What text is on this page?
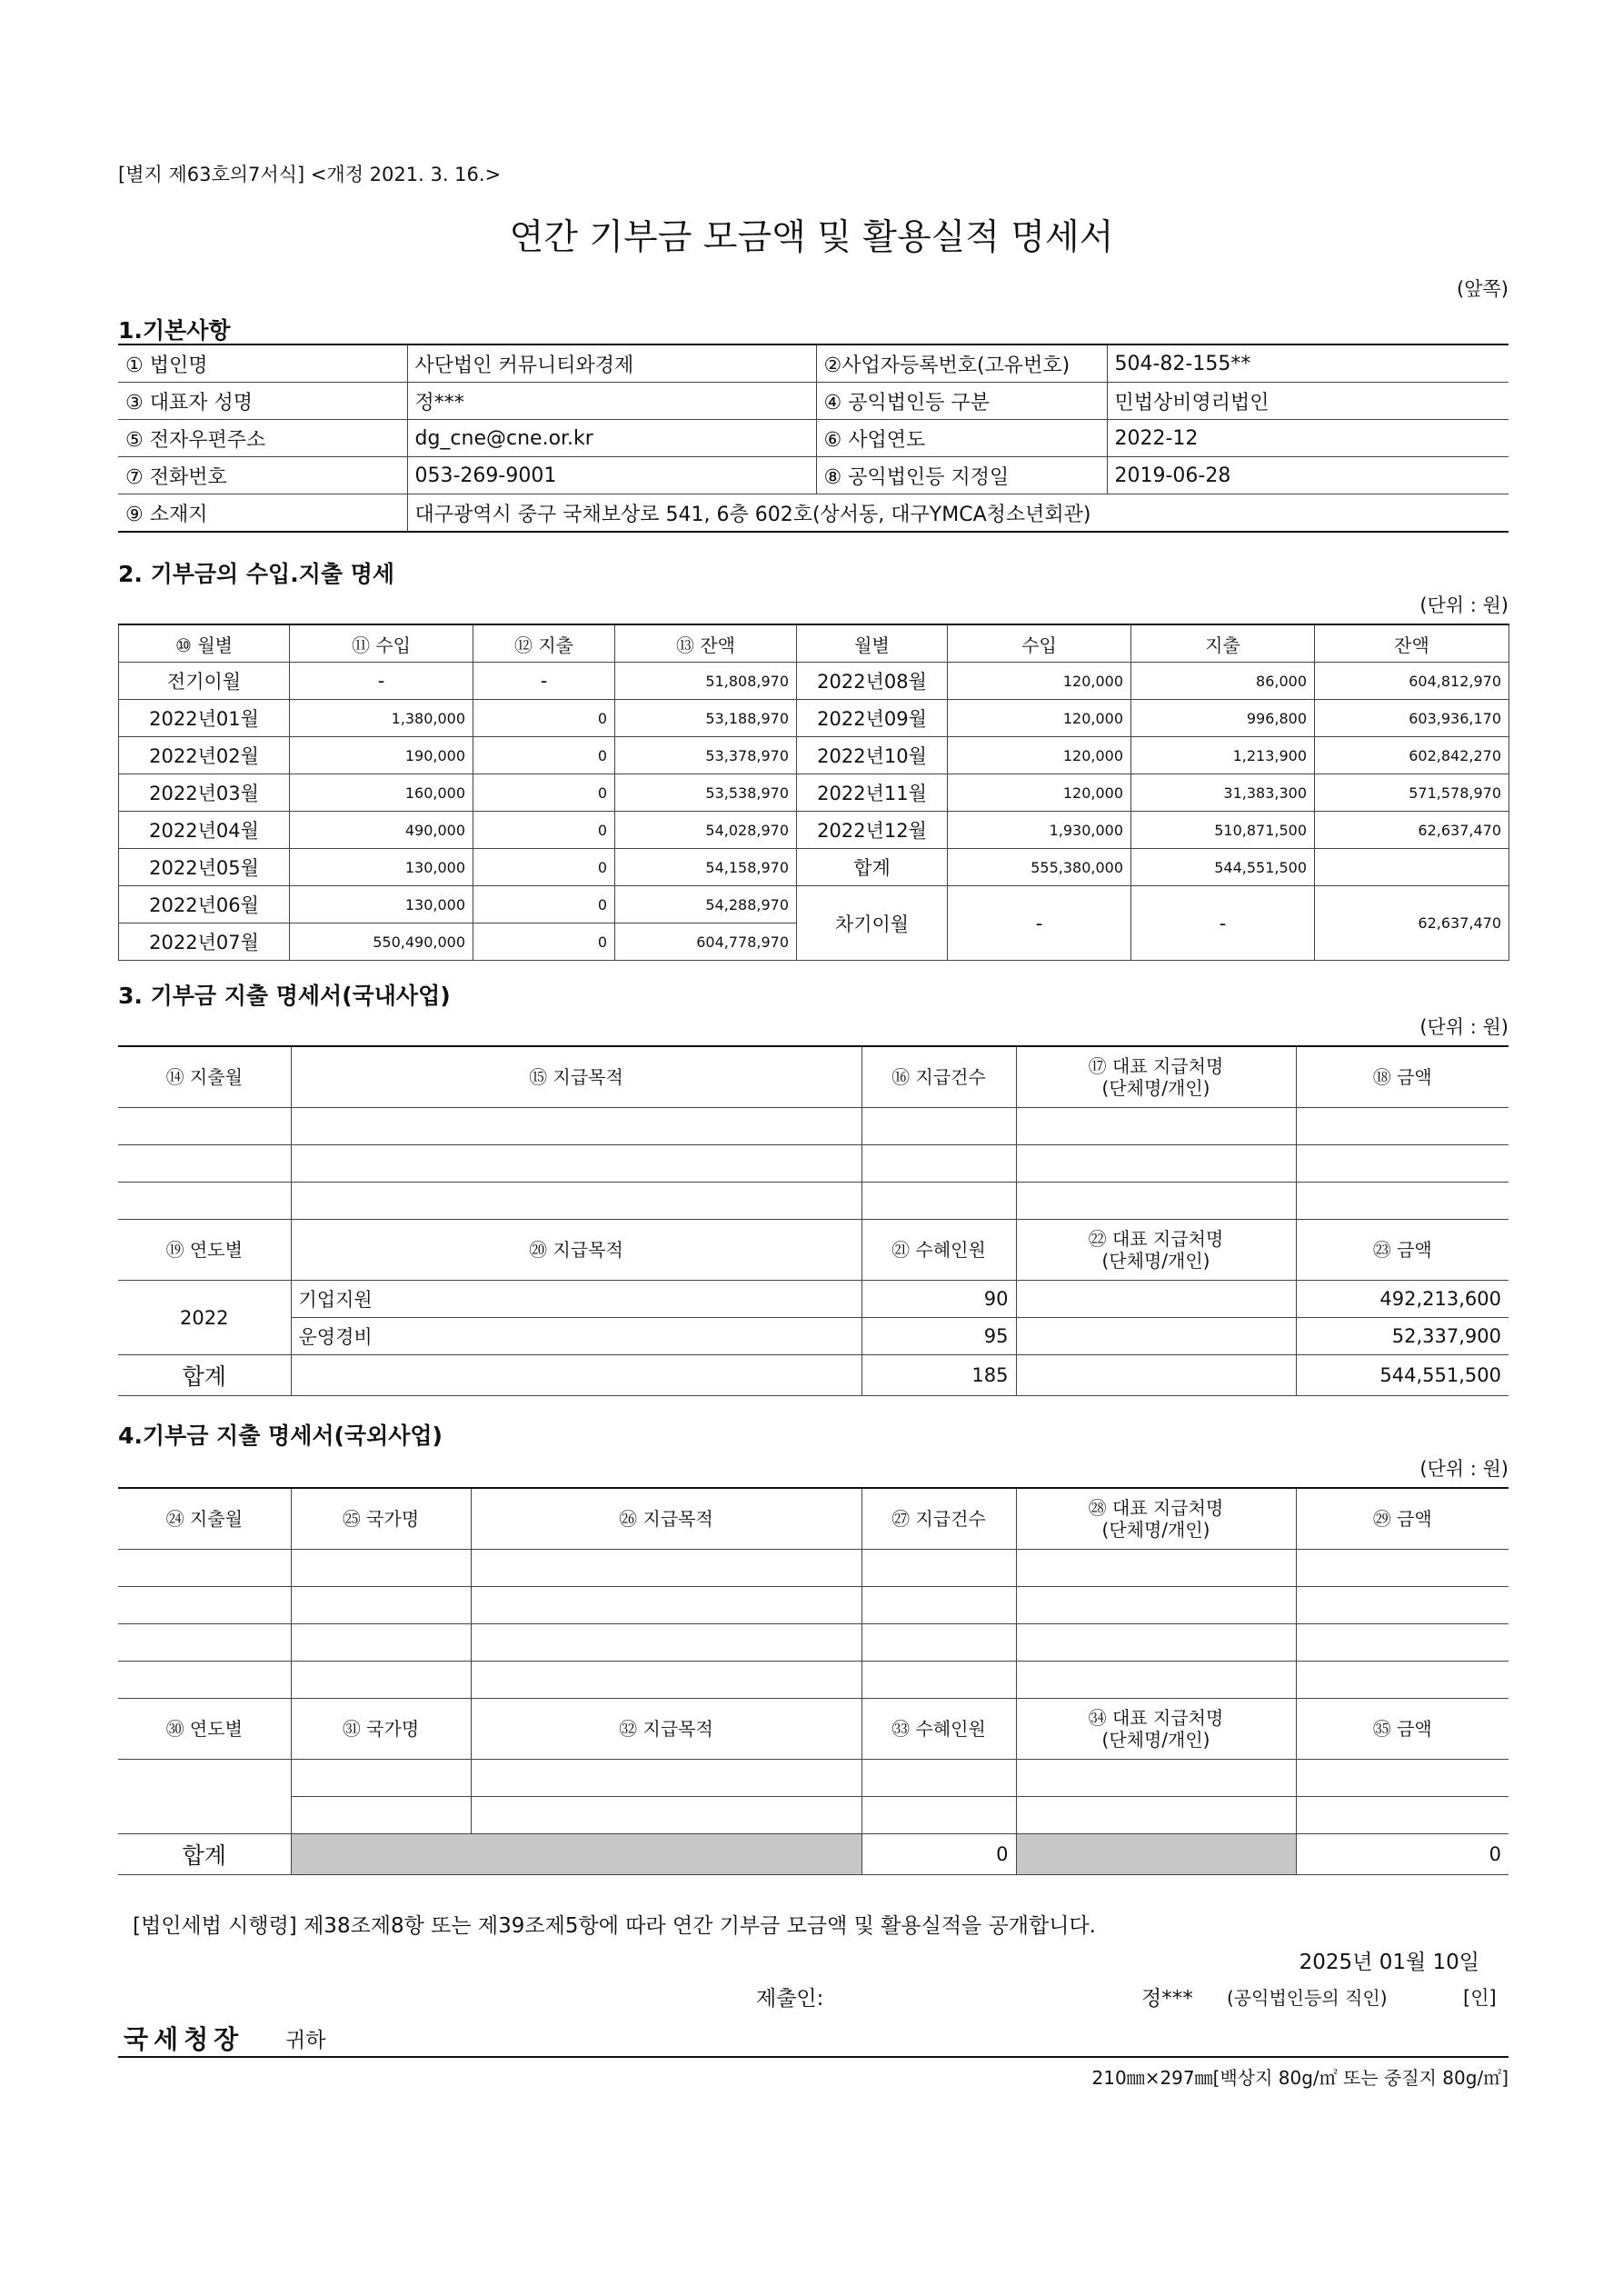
[별지 제63호의7서식] <개정 2021. 3. 16.>
연간 기부금 모금액 및 활용실적 명세서
(앞쪽)
1.기본사항
① 법인명	사단법인 커뮤니티와경제	②사업자등록번호(고유번호)	504-82-155**
③ 대표자 성명	정***	④ 공익법인등 구분	민법상비영리법인
⑤ 전자우편주소	dg_cne@cne.or.kr	⑥ 사업연도	2022-12
⑦ 전화번호	053-269-9001	⑧ 공익법인등 지정일	2019-06-28
⑨ 소재지	대구광역시 중구 국채보상로 541, 6층 602호(상서동, 대구YMCA청소년회관)		
2. 기부금의 수입.지출 명세
(단위 : 원)
⑩ 월별	⑪ 수입	⑫ 지출	⑬ 잔액	월별	수입	지출	잔액
전기이월	-	-	51,808,970	2022년08월	120,000	86,000	604,812,970
2022년01월	1,380,000	0	53,188,970	2022년09월	120,000	996,800	603,936,170
2022년02월	190,000	0	53,378,970	2022년10월	120,000	1,213,900	602,842,270
2022년03월	160,000	0	53,538,970	2022년11월	120,000	31,383,300	571,578,970
2022년04월	490,000	0	54,028,970	2022년12월	1,930,000	510,871,500	62,637,470
2022년05월	130,000	0	54,158,970	합계	555,380,000	544,551,500	
2022년06월	130,000	0	54,288,970	차기이월	-	-	62,637,470
2022년07월	550,490,000	0	604,778,970				
3. 기부금 지출 명세서(국내사업)
(단위 : 원)
⑭ 지출월	⑮ 지급목적	⑯ 지급건수	⑰ 대표 지급처명
(단체명/개인)	⑱ 금액

⑲ 연도별	⑳ 지급목적	㉑ 수혜인원	㉒ 대표 지급처명
(단체명/개인)	㉓ 금액
2022	기업지원	90		492,213,600
	운영경비	95		52,337,900
합계		185		544,551,500
4.기부금 지출 명세서(국외사업)
(단위 : 원)
㉔ 지출월	㉕ 국가명	㉖ 지급목적	㉗ 지급건수	㉘ 대표 지급처명
(단체명/개인)	㉙ 금액

㉚ 연도별	㉛ 국가명	㉜ 지급목적	㉝ 수혜인원	㉞ 대표 지급처명
(단체명/개인)	㉟ 금액

합계			0		0
[법인세법 시행령] 제38조제8항 또는 제39조제5항에 따라 연간 기부금 모금액 및 활용실적을 공개합니다.
2025년 01월 10일
제출인:	정*** (공익법인등의 직인)	[인]
국세청장 귀하
210㎜×297㎜[백상지 80g/㎡ 또는 중질지 80g/㎡]
